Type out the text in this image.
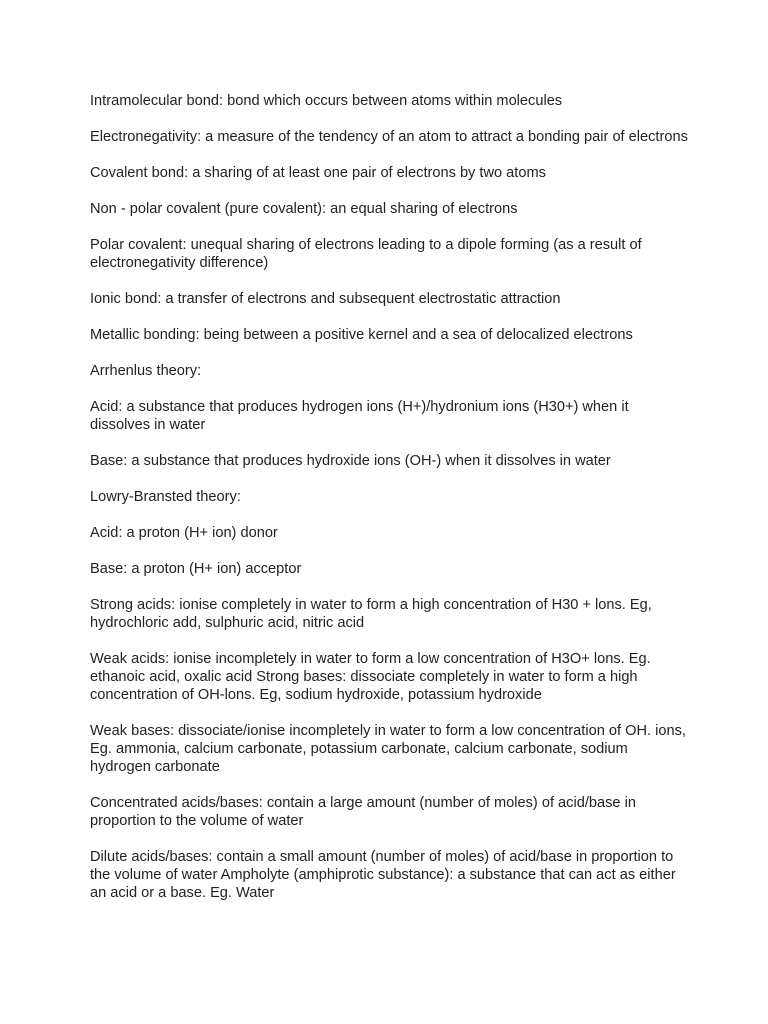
Intramolecular bond: bond which occurs between atoms within molecules

Electronegativity: a measure of the tendency of an atom to attract a bonding pair of electrons

Covalent bond: a sharing of at least one pair of electrons by two atoms

Non - polar covalent (pure covalent): an equal sharing of electrons

Polar covalent: unequal sharing of electrons leading to a dipole forming (as a result of electronegativity difference)

Ionic bond: a transfer of electrons and subsequent electrostatic attraction

Metallic bonding: being between a positive kernel and a sea of delocalized electrons

Arrhenlus theory:

Acid: a substance that produces hydrogen ions (H+)/hydronium ions (H30+) when it dissolves in water

Base: a substance that produces hydroxide ions (OH-) when it dissolves in water

Lowry-Bransted theory:

Acid: a proton (H+ ion) donor

Base: a proton (H+ ion) acceptor

Strong acids: ionise completely in water to form a high concentration of H30 + lons. Eg, hydrochloric add, sulphuric acid, nitric acid

Weak acids: ionise incompletely in water to form a low concentration of H3O+ lons. Eg. ethanoic acid, oxalic acid Strong bases: dissociate completely in water to form a high concentration of OH-lons. Eg, sodium hydroxide, potassium hydroxide

Weak bases: dissociate/ionise incompletely in water to form a low concentration of OH. ions, Eg. ammonia, calcium carbonate, potassium carbonate, calcium carbonate, sodium hydrogen carbonate

Concentrated acids/bases: contain a large amount (number of moles) of acid/base in proportion to the volume of water

Dilute acids/bases: contain a small amount (number of moles) of acid/base in proportion to the volume of water Ampholyte (amphiprotic substance): a substance that can act as either an acid or a base. Eg. Water
